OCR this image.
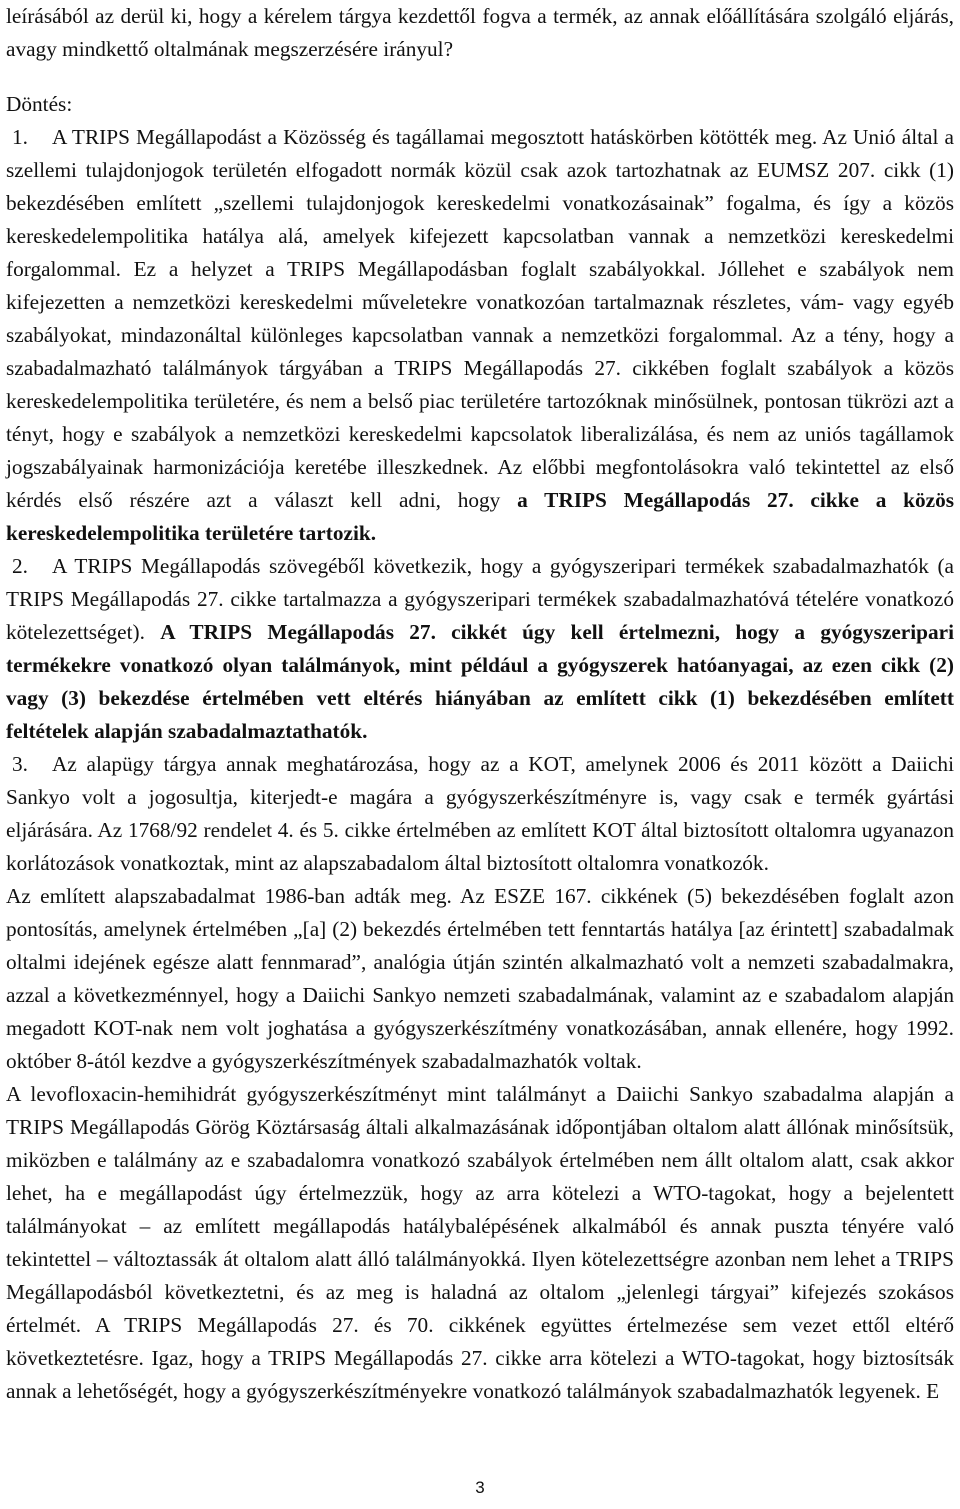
leírásából az derül ki, hogy a kérelem tárgya kezdettől fogva a termék, az annak előállítására szolgáló eljárás, avagy mindkettő oltalmának megszerzésére irányul?

Döntés:

1. A TRIPS Megállapodást a Közösség és tagállamai megosztott hatáskörben kötötték meg. Az Unió által a szellemi tulajdonjogok területén elfogadott normák közül csak azok tartozhatnak az EUMSZ 207. cikk (1) bekezdésében említett „szellemi tulajdonjogok kereskedelmi vonatkozásainak” fogalma, és így a közös kereskedelempolitika hatálya alá, amelyek kifejezett kapcsolatban vannak a nemzetközi kereskedelmi forgalommal. Ez a helyzet a TRIPS Megállapodásban foglalt szabályokkal. Jóllehet e szabályok nem kifejezetten a nemzetközi kereskedelmi műveletekre vonatkozóan tartalmaznak részletes, vám- vagy egyéb szabályokat, mindazonáltal különleges kapcsolatban vannak a nemzetközi forgalommal. Az a tény, hogy a szabadalmazható találmányok tárgyában a TRIPS Megállapodás 27. cikkében foglalt szabályok a közös kereskedelempolitika területére, és nem a belső piac területére tartozóknak minősülnek, pontosan tükrözi azt a tényt, hogy e szabályok a nemzetközi kereskedelmi kapcsolatok liberalizálása, és nem az uniós tagállamok jogszabályainak harmonizációja keretébe illeszkednek. Az előbbi megfontolásokra való tekintettel az első kérdés első részére azt a választ kell adni, hogy a TRIPS Megállapodás 27. cikke a közös kereskedelempolitika területére tartozik.

2. A TRIPS Megállapodás szövegéből következik, hogy a gyógyszeripari termékek szabadalmazhatók (a TRIPS Megállapodás 27. cikke tartalmazza a gyógyszeripari termékek szabadalmazhatóvá tételére vonatkozó kötelezettséget). A TRIPS Megállapodás 27. cikkét úgy kell értelmezni, hogy a gyógyszeripari termékekre vonatkozó olyan találmányok, mint például a gyógyszerek hatóanyagai, az ezen cikk (2) vagy (3) bekezdése értelmében vett eltérés hiányában az említett cikk (1) bekezdésében említett feltételek alapján szabadalmaztathatók.

3. Az alapügy tárgya annak meghatározása, hogy az a KOT, amelynek 2006 és 2011 között a Daiichi Sankyo volt a jogosultja, kiterjedt-e magára a gyógyszerkészítményre is, vagy csak e termék gyártási eljárására. Az 1768/92 rendelet 4. és 5. cikke értelmében az említett KOT által biztosított oltalomra ugyanazon korlátozások vonatkoztak, mint az alapszabadalom által biztosított oltalomra vonatkozók.

Az említett alapszabadalmat 1986-ban adták meg. Az ESZE 167. cikkének (5) bekezdésében foglalt azon pontosítás, amelynek értelmében „[a] (2) bekezdés értelmében tett fenntartás hatálya [az érintett] szabadalmak oltalmi idejének egésze alatt fennmarad”, analógia útján szintén alkalmazható volt a nemzeti szabadalmakra, azzal a következménnyel, hogy a Daiichi Sankyo nemzeti szabadalmának, valamint az e szabadalom alapján megadott KOT-nak nem volt joghatása a gyógyszerkészítmény vonatkozásában, annak ellenére, hogy 1992. október 8-ától kezdve a gyógyszerkészítmények szabadalmazhatók voltak.

A levofloxacin-hemihidrát gyógyszerkészítményt mint találmányt a Daiichi Sankyo szabadalma alapján a TRIPS Megállapodás Görög Köztársaság általi alkalmazásának időpontjában oltalom alatt állónak minősítsük, miközben e találmány az e szabadalomra vonatkozó szabályok értelmében nem állt oltalom alatt, csak akkor lehet, ha e megállapodást úgy értelmezzük, hogy az arra kötelezi a WTO-tagokat, hogy a bejelentett találmányokat – az említett megállapodás hatálybalépésének alkalmából és annak puszta tényére való tekintettel – változtassák át oltalom alatt álló találmányokká. Ilyen kötelezettségre azonban nem lehet a TRIPS Megállapodásból következtetni, és az meg is haladná az oltalom „jelenlegi tárgyai” kifejezés szokásos értelmét. A TRIPS Megállapodás 27. és 70. cikkének együttes értelmezése sem vezet ettől eltérő következtetésre. Igaz, hogy a TRIPS Megállapodás 27. cikke arra kötelezi a WTO-tagokat, hogy biztosítsák annak a lehetőségét, hogy a gyógyszerkészítményekre vonatkozó találmányok szabadalmazhatók legyenek. E

3
